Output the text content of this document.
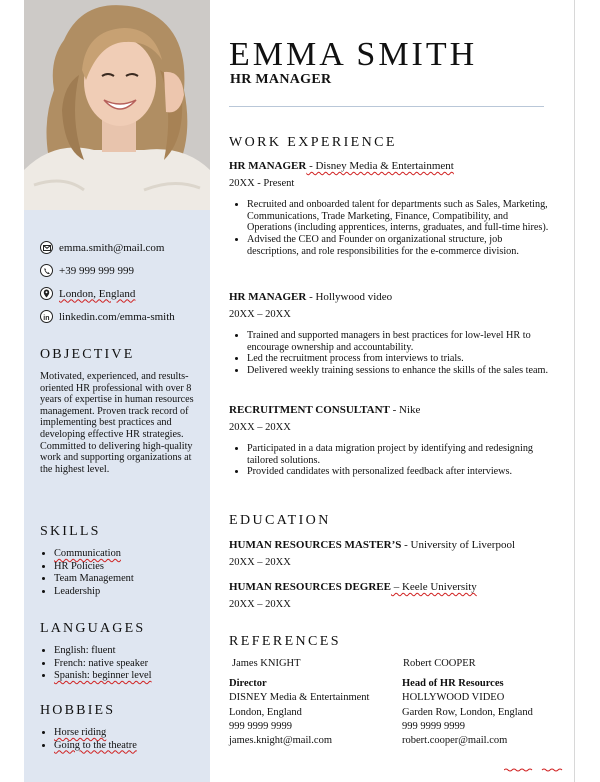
emma.smith@mail.com
+39 999 999 999
London, England
in linkedin.com/emma-smith
OBJECTIVE

Motivated, experienced, and results-oriented HR professional with over 8 years of expertise in human resources management. Proven track record of implementing best practices and developing effective HR strategies. Committed to delivering high-quality work and supporting organizations at the highest level.

SKILLS
• Communication
• HR Policies
• Team Management
• Leadership
LANGUAGES
• English: fluent
• French: native speaker
• Spanish: beginner level
HOBBIES
• Horse riding
• Going to the theatre
EMMA SMITH
HR MANAGER
WORK EXPERIENCE
HR MANAGER - Disney Media & Entertainment
20XX - Present
• Recruited and onboarded talent for departments such as Sales, Marketing, Communications, Trade Marketing, Finance, Compatibility, and Operations (including apprentices, interns, graduates, and full-time hires).
• Advised the CEO and Founder on organizational structure, job descriptions, and role responsibilities for the e-commerce division.
HR MANAGER - Hollywood video
20XX – 20XX
• Trained and supported managers in best practices for low-level HR to encourage ownership and accountability.
• Led the recruitment process from interviews to trials.
• Delivered weekly training sessions to enhance the skills of the sales team.
RECRUITMENT CONSULTANT - Nike
20XX – 20XX
• Participated in a data migration project by identifying and redesigning tailored solutions.
• Provided candidates with personalized feedback after interviews.
EDUCATION
HUMAN RESOURCES MASTER’S - University of Liverpool
20XX – 20XX
HUMAN RESOURCES DEGREE – Keele University
20XX – 20XX
REFERENCES
James KNIGHT
Director
DISNEY Media & Entertainment
London, England
999 9999 9999
james.knight@mail.com
Robert COOPER
Head of HR Resources
HOLLYWOOD VIDEO
Garden Row, London, England
999 9999 9999
robert.cooper@mail.com
